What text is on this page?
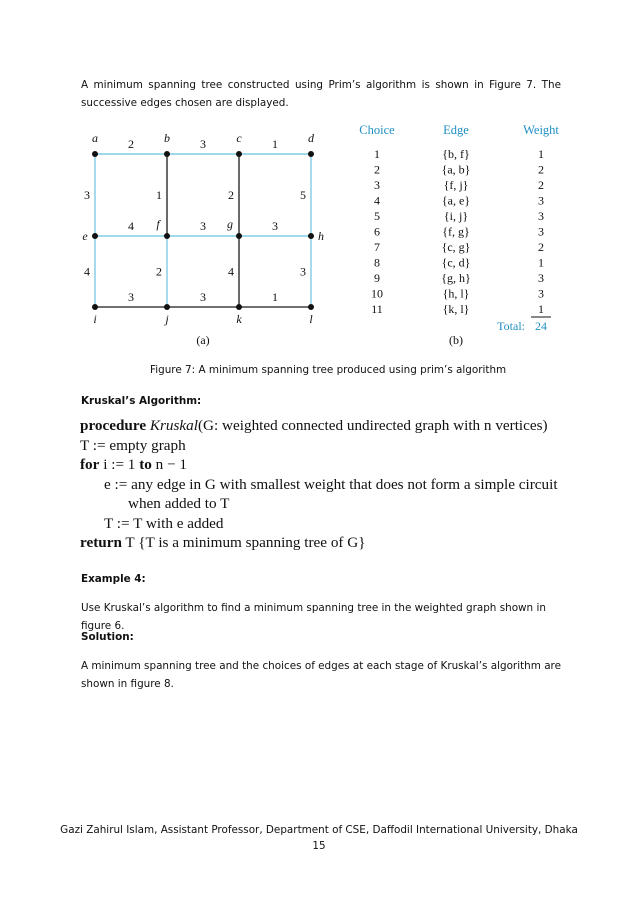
A minimum spanning tree constructed using Prim’s algorithm is shown in Figure 7. The successive edges chosen are displayed.
2	3	1
3	1	2	5
4	3	3
4	2	4	3
3	3	1
a	b	c	d
e
f	g
h
i	j	k	l
(a)
Choice	Edge	Weight
1	{b, f}	1
2	{a, b}	2
3	{f, j}	2
4	{a, e}	3
5	{i, j}	3
6	{f, g}	3
7	{c, g}	2
8	{c, d}	1
9	{g, h}	3
10	{h, l}	3
11	{k, l}	1
Total: 24
(b)
Figure 7: A minimum spanning tree produced using prim’s algorithm
Kruskal’s Algorithm:
procedure Kruskal(G: weighted connected undirected graph with n vertices)
T := empty graph
for i := 1 to n − 1
e := any edge in G with smallest weight that does not form a simple circuit
when added to T
T := T with e added
return T {T is a minimum spanning tree of G}
Example 4:
Use Kruskal’s algorithm to find a minimum spanning tree in the weighted graph shown in figure 6.
Solution:
A minimum spanning tree and the choices of edges at each stage of Kruskal’s algorithm are shown in figure 8.
Gazi Zahirul Islam, Assistant Professor, Department of CSE, Daffodil International University, Dhaka
15
